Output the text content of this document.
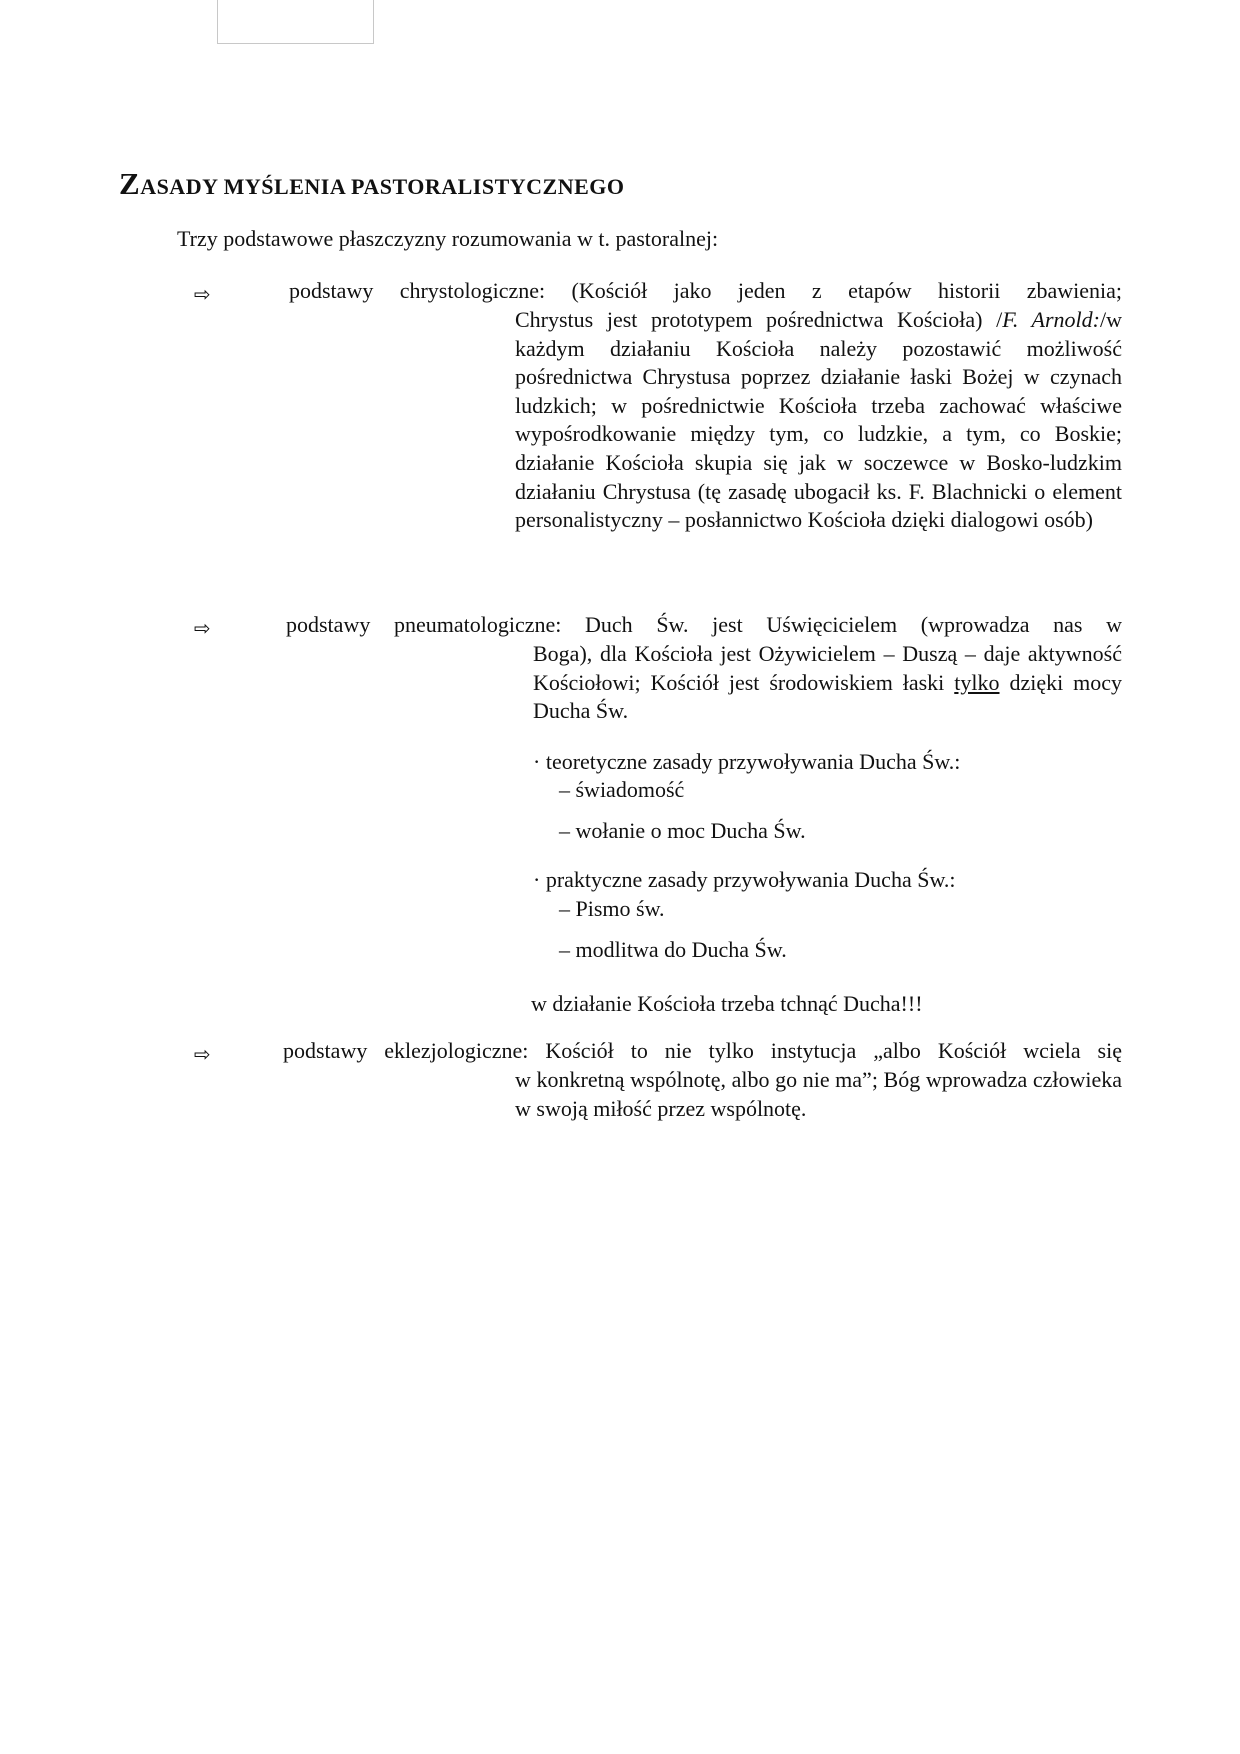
ZASADY MYŚLENIA PASTORALISTYCZNEGO

Trzy podstawowe płaszczyzny rozumowania w t. pastoralnej:

⇨	podstawy chrystologiczne: (Kościół jako jeden z etapów historii zbawienia;
Chrystus jest prototypem pośrednictwa Kościoła) /F. Arnold:/w każdym działaniu Kościoła należy pozostawić możliwość pośrednictwa Chrystusa poprzez działanie łaski Bożej w czynach ludzkich; w pośrednictwie Kościoła trzeba zachować właściwe wypośrodkowanie między tym, co ludzkie, a tym, co Boskie; działanie Kościoła skupia się jak w soczewce w Bosko-ludzkim działaniu Chrystusa (tę zasadę ubogacił ks. F. Blachnicki o element personalistyczny – posłannictwo Kościoła dzięki dialogowi osób)
⇨	podstawy pneumatologiczne: Duch Św. jest Uświęcicielem (wprowadza nas w
Boga), dla Kościoła jest Ożywicielem – Duszą – daje aktywność Kościołowi; Kościół jest środowiskiem łaski tylko dzięki mocy Ducha Św.

· teoretyczne zasady przywoływania Ducha Św.:

– świadomość

– wołanie o moc Ducha Św.

· praktyczne zasady przywoływania Ducha Św.:

– Pismo św.

– modlitwa do Ducha Św.

w działanie Kościoła trzeba tchnąć Ducha!!!

⇨	podstawy eklezjologiczne: Kościół to nie tylko instytucja „albo Kościół wciela się
w konkretną wspólnotę, albo go nie ma”; Bóg wprowadza człowieka w swoją miłość przez wspólnotę.
